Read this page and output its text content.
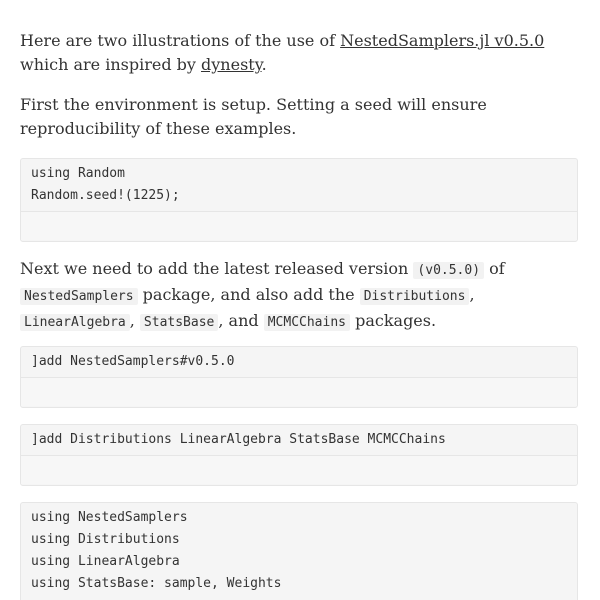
Here are two illustrations of the use of NestedSamplers.jl v0.5.0 which are inspired by dynesty.

First the environment is setup. Setting a seed will ensure reproducibility of these examples.

using Random
Random.seed!(1225);

Next we need to add the latest released version (v0.5.0) of NestedSamplers package, and also add the Distributions , LinearAlgebra , StatsBase , and MCMCChains packages.

]add NestedSamplers#v0.5.0
]add Distributions LinearAlgebra StatsBase MCMCChains
using NestedSamplers
using Distributions
using LinearAlgebra
using StatsBase: sample, Weights
